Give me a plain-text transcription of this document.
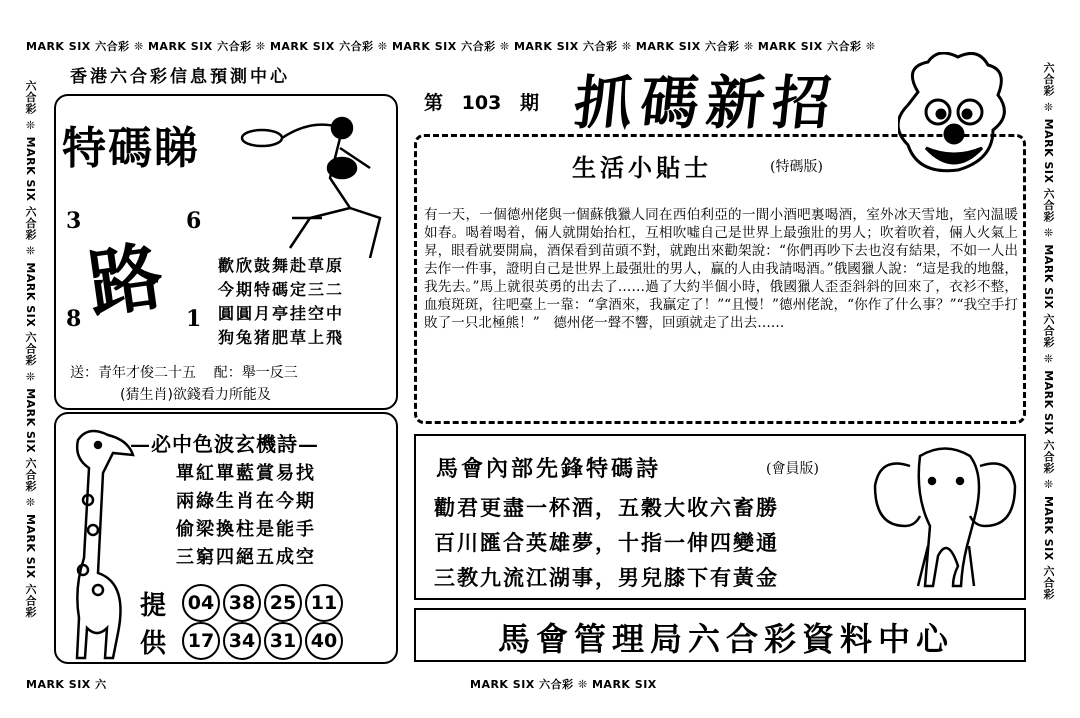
MARK SIX 六合彩 ❊ MARK SIX 六合彩 ❊ MARK SIX 六合彩 ❊ MARK SIX 六合彩 ❊ MARK SIX 六合彩 ❊ MARK SIX 六合彩 ❊ MARK SIX 六合彩 ❊
六合彩 ❊ MARK SIX 六合彩 ❊ MARK SIX 六合彩 ❊ MARK SIX 六合彩 ❊ MARK SIX 六合彩	六合彩 ❊ MARK SIX 六合彩 ❊ MARK SIX 六合彩 ❊ MARK SIX 六合彩 ❊ MARK SIX 六合彩
MARK SIX 六	MARK SIX 六合彩 ❊ MARK SIX
香港六合彩信息預測中心
第 103 期 抓碼新招
特碼睇
3	6
8	1
路	歡欣鼓舞赴草原
今期特碼定三二
圓圓月亭挂空中
狗兔猪肥草上飛
送：青年才俊二十五    配：舉一反三
(猜生肖)欲錢看力所能及
生活小貼士	(特碼版)
有一天，一個德州佬與一個蘇俄獵人同在西伯利亞的一間小酒吧裏喝酒，室外冰天雪地，室內温暖如春。喝着喝着，倆人就開始抬杠，互相吹噓自己是世界上最強壯的男人；吹着吹着，倆人火氣上昇，眼看就要開扁，酒保看到苗頭不對，就跑出來勸架說：“你們再吵下去也沒有結果，不如一人出去作一件事，證明自己是世界上最强壯的男人，贏的人由我請喝酒。”俄國獵人說：“這是我的地盤，我先去。”馬上就很英勇的出去了……過了大約半個小時，俄國獵人歪歪斜斜的回來了，衣衫不整，血痕斑斑，往吧臺上一靠：“拿酒來，我贏定了！”“且慢！”德州佬說，“你作了什么事？”“我空手打敗了一只北極熊！”　德州佬一聲不響，回頭就走了出去……
—必中色波玄機詩—
單紅單藍賞易找
兩綠生肖在今期
偷梁換柱是能手
三窮四絕五成空
提	04 38 25 11
供	17 34 31 40
馬會內部先鋒特碼詩	(會員版)
勸君更盡一杯酒，五穀大收六畜勝
百川匯合英雄夢，十指一伸四變通
三教九流江湖事，男兒膝下有黃金
馬會管理局六合彩資料中心
